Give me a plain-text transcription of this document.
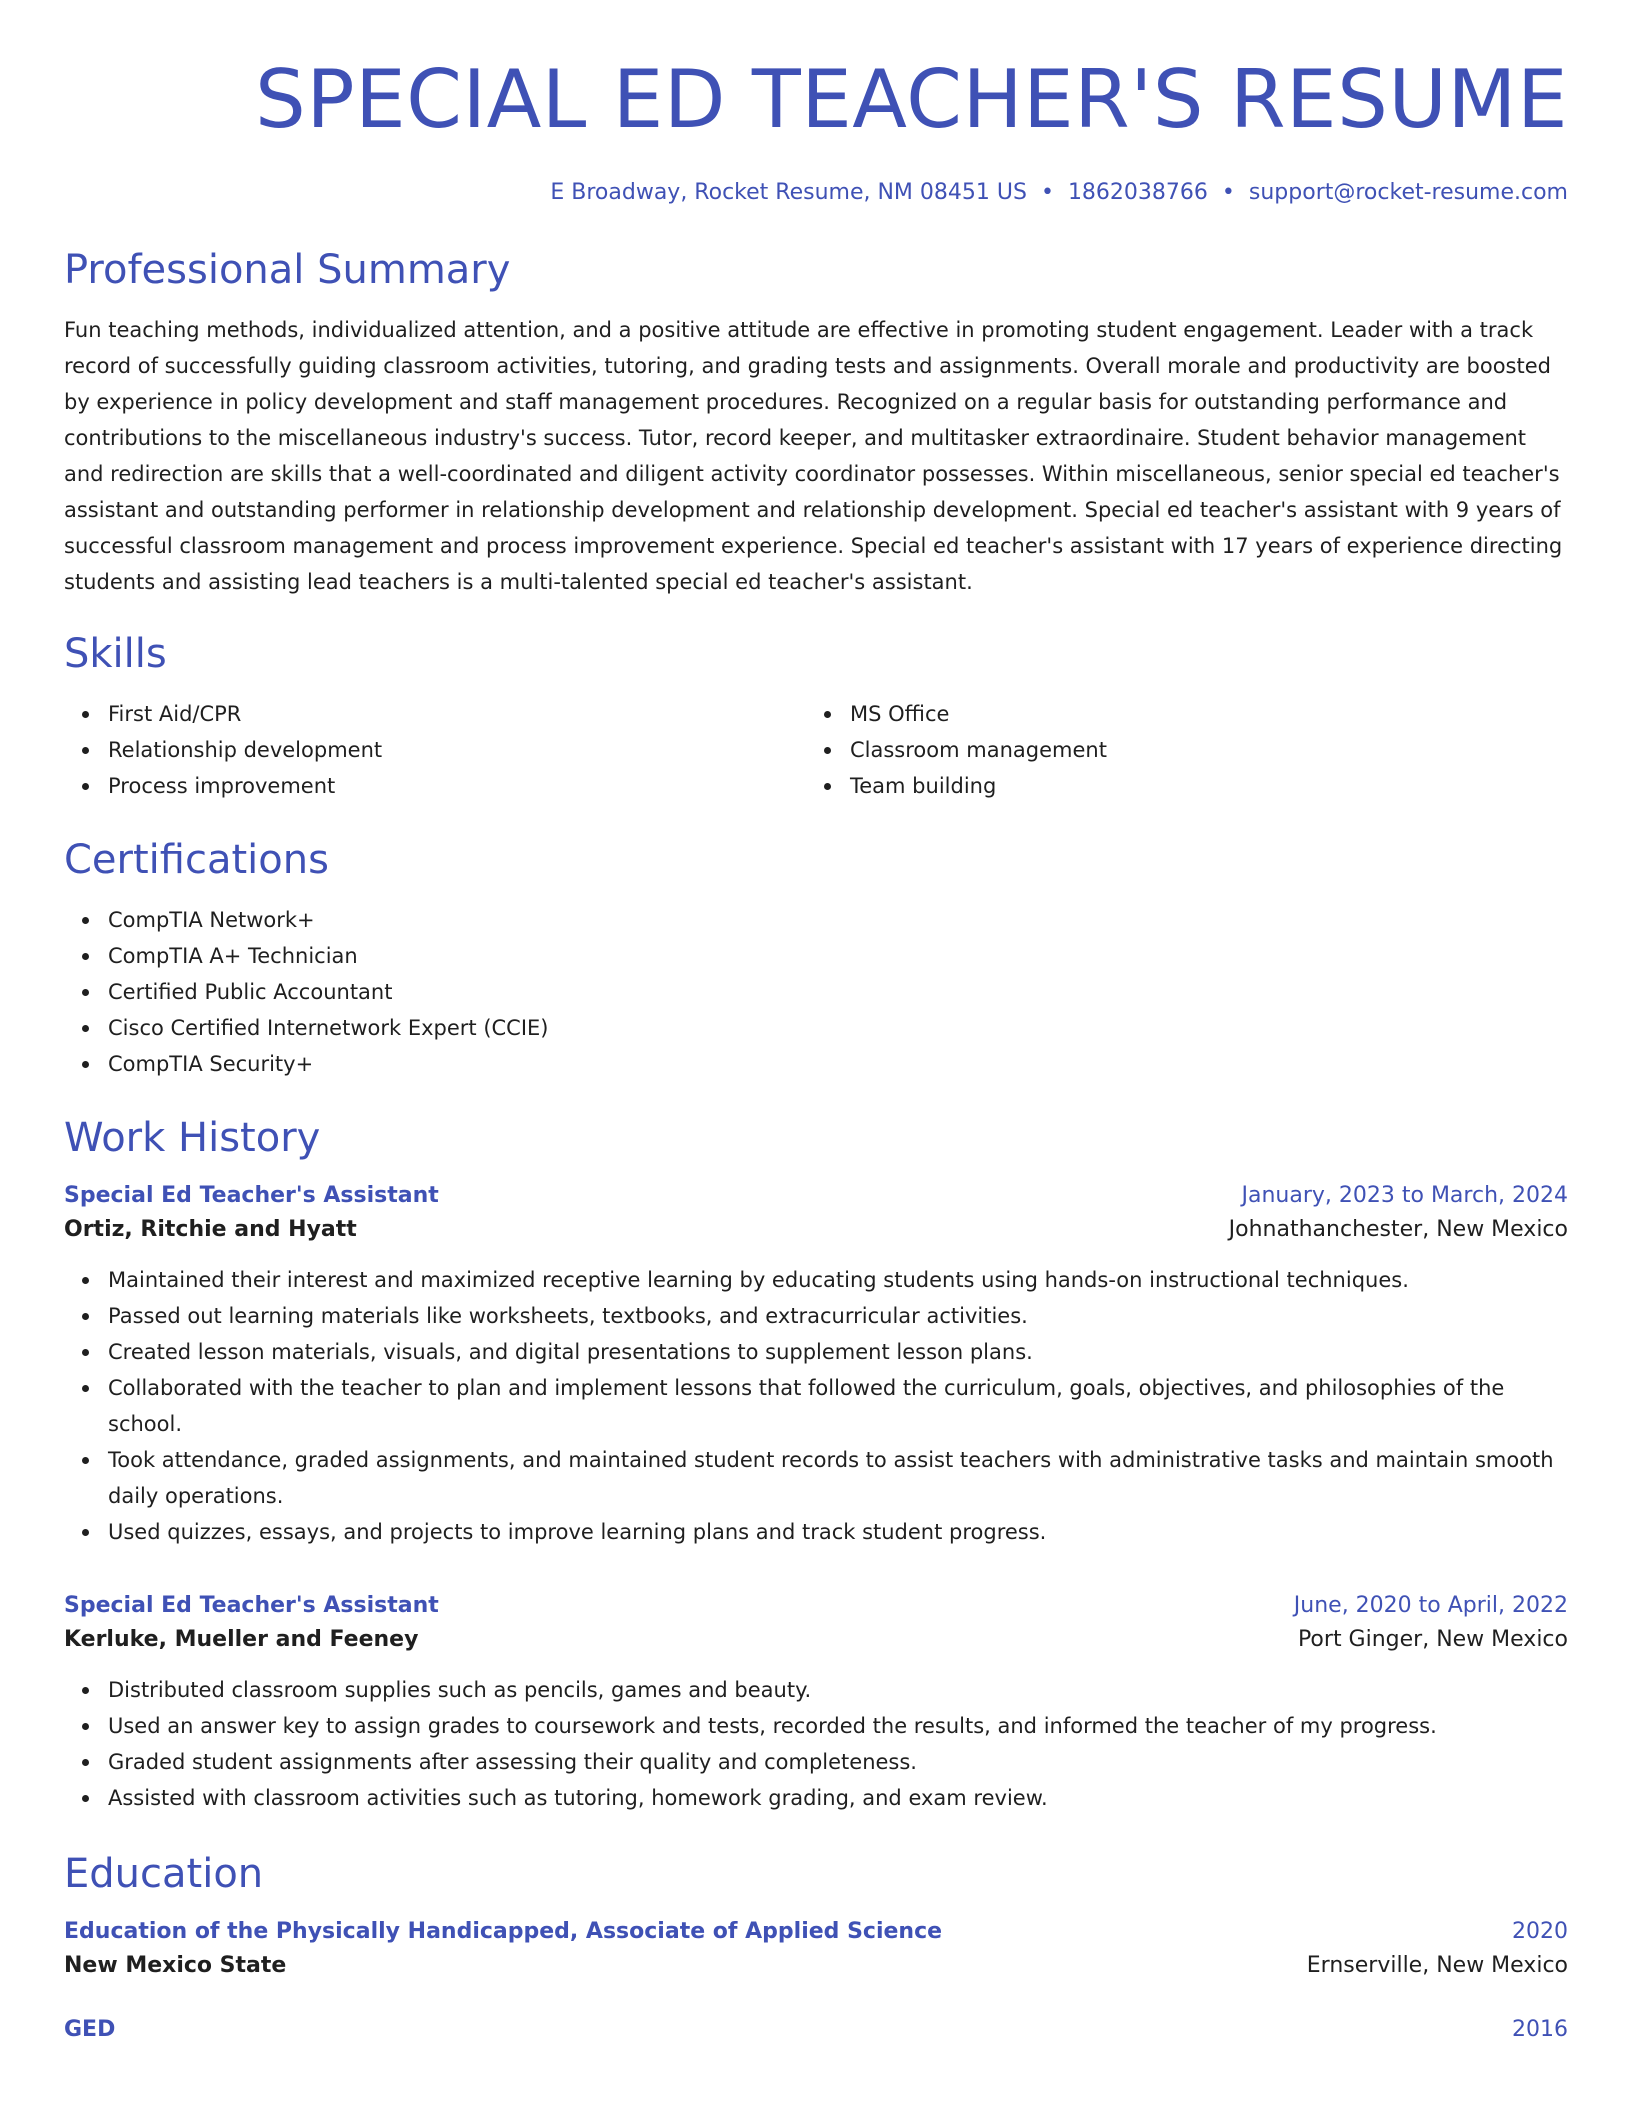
SPECIAL ED TEACHER'S RESUME
E Broadway, Rocket Resume, NM 08451 US • 1862038766 • support@rocket-resume.com
Professional Summary

Fun teaching methods, individualized attention, and a positive attitude are effective in promoting student engagement. Leader with a track record of successfully guiding classroom activities, tutoring, and grading tests and assignments. Overall morale and productivity are boosted by experience in policy development and staff management procedures. Recognized on a regular basis for outstanding performance and contributions to the miscellaneous industry's success. Tutor, record keeper, and multitasker extraordinaire. Student behavior management and redirection are skills that a well-coordinated and diligent activity coordinator possesses. Within miscellaneous, senior special ed teacher's assistant and outstanding performer in relationship development and relationship development. Special ed teacher's assistant with 9 years of successful classroom management and process improvement experience. Special ed teacher's assistant with 17 years of experience directing students and assisting lead teachers is a multi-talented special ed teacher's assistant.

Skills
First Aid/CPR
Relationship development
Process improvement
MS Office
Classroom management
Team building
Certifications
CompTIA Network+
CompTIA A+ Technician
Certified Public Accountant
Cisco Certified Internetwork Expert (CCIE)
CompTIA Security+
Work History
Special Ed Teacher's Assistant	January, 2023 to March, 2024
Ortiz, Ritchie and Hyatt	Johnathanchester, New Mexico
Maintained their interest and maximized receptive learning by educating students using hands-on instructional techniques.
Passed out learning materials like worksheets, textbooks, and extracurricular activities.
Created lesson materials, visuals, and digital presentations to supplement lesson plans.
Collaborated with the teacher to plan and implement lessons that followed the curriculum, goals, objectives, and philosophies of the school.
Took attendance, graded assignments, and maintained student records to assist teachers with administrative tasks and maintain smooth daily operations.
Used quizzes, essays, and projects to improve learning plans and track student progress.
Special Ed Teacher's Assistant	June, 2020 to April, 2022
Kerluke, Mueller and Feeney	Port Ginger, New Mexico
Distributed classroom supplies such as pencils, games and beauty.
Used an answer key to assign grades to coursework and tests, recorded the results, and informed the teacher of my progress.
Graded student assignments after assessing their quality and completeness.
Assisted with classroom activities such as tutoring, homework grading, and exam review.
Education
Education of the Physically Handicapped, Associate of Applied Science	2020
New Mexico State	Ernserville, New Mexico
GED	2016
